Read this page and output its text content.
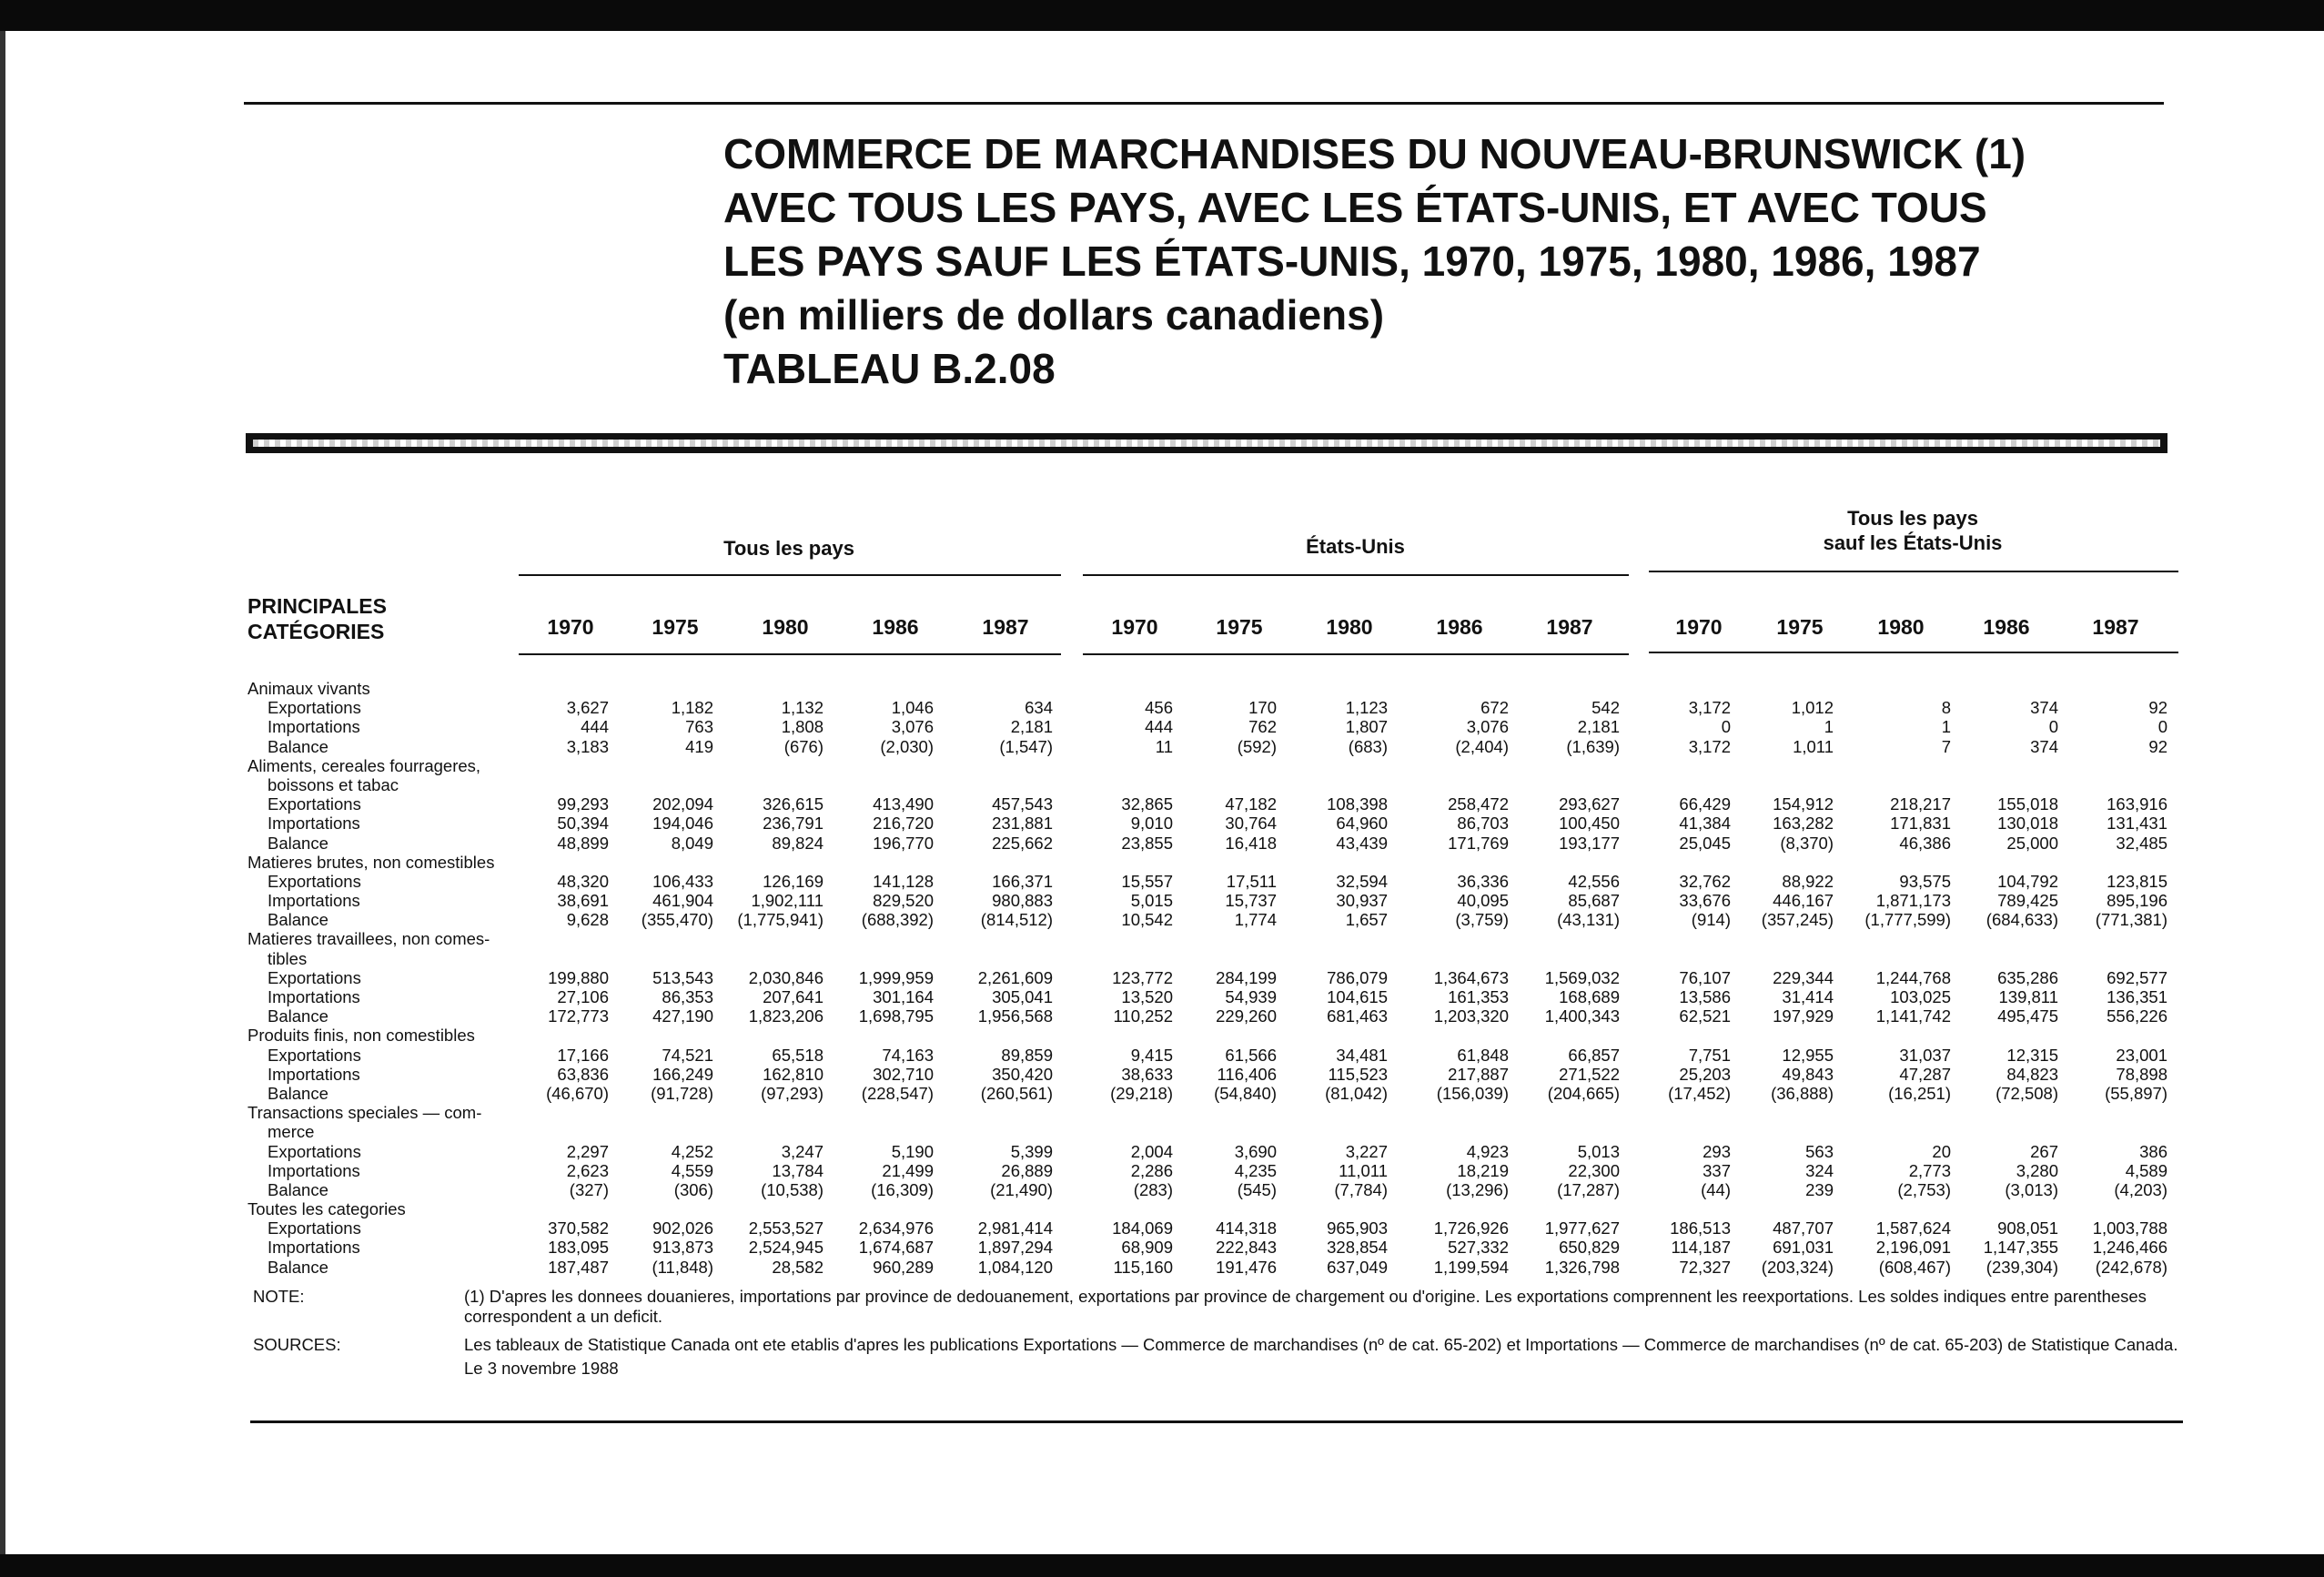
COMMERCE DE MARCHANDISES DU NOUVEAU-BRUNSWICK (1)
AVEC TOUS LES PAYS, AVEC LES ÉTATS-UNIS, ET AVEC TOUS
LES PAYS SAUF LES ÉTATS-UNIS, 1970, 1975, 1980, 1986, 1987
(en milliers de dollars canadiens)
TABLEAU B.2.08
Tous les pays	États-Unis
Tous les pays
sauf les États-Unis
PRINCIPALES
CATÉGORIES	1970	1975	1980	1986	1987	1970	1975	1980	1986	1987	1970	1975	1980	1986	1987
Animaux vivants
Exportations	3,627	1,182	1,132	1,046	634	456	170	1,123	672	542	3,172	1,012	8	374	92
Importations	444	763	1,808	3,076	2,181	444	762	1,807	3,076	2,181	0	1	1	0	0
Balance	3,183	419	(676)	(2,030)	(1,547)	11	(592)	(683)	(2,404)	(1,639)	3,172	1,011	7	374	92
Aliments, cereales fourrageres,
boissons et tabac
Exportations	99,293	202,094	326,615	413,490	457,543	32,865	47,182	108,398	258,472	293,627	66,429	154,912	218,217	155,018	163,916
Importations	50,394	194,046	236,791	216,720	231,881	9,010	30,764	64,960	86,703	100,450	41,384	163,282	171,831	130,018	131,431
Balance	48,899	8,049	89,824	196,770	225,662	23,855	16,418	43,439	171,769	193,177	25,045	(8,370)	46,386	25,000	32,485
Matieres brutes, non comestibles
Exportations	48,320	106,433	126,169	141,128	166,371	15,557	17,511	32,594	36,336	42,556	32,762	88,922	93,575	104,792	123,815
Importations	38,691	461,904	1,902,111	829,520	980,883	5,015	15,737	30,937	40,095	85,687	33,676	446,167	1,871,173	789,425	895,196
Balance	9,628	(355,470)	(1,775,941)	(688,392)	(814,512)	10,542	1,774	1,657	(3,759)	(43,131)	(914)	(357,245)	(1,777,599)	(684,633)	(771,381)
Matieres travaillees, non comes-
tibles
Exportations	199,880	513,543	2,030,846	1,999,959	2,261,609	123,772	284,199	786,079	1,364,673	1,569,032	76,107	229,344	1,244,768	635,286	692,577
Importations	27,106	86,353	207,641	301,164	305,041	13,520	54,939	104,615	161,353	168,689	13,586	31,414	103,025	139,811	136,351
Balance	172,773	427,190	1,823,206	1,698,795	1,956,568	110,252	229,260	681,463	1,203,320	1,400,343	62,521	197,929	1,141,742	495,475	556,226
Produits finis, non comestibles
Exportations	17,166	74,521	65,518	74,163	89,859	9,415	61,566	34,481	61,848	66,857	7,751	12,955	31,037	12,315	23,001
Importations	63,836	166,249	162,810	302,710	350,420	38,633	116,406	115,523	217,887	271,522	25,203	49,843	47,287	84,823	78,898
Balance	(46,670)	(91,728)	(97,293)	(228,547)	(260,561)	(29,218)	(54,840)	(81,042)	(156,039)	(204,665)	(17,452)	(36,888)	(16,251)	(72,508)	(55,897)
Transactions speciales — com-
merce
Exportations	2,297	4,252	3,247	5,190	5,399	2,004	3,690	3,227	4,923	5,013	293	563	20	267	386
Importations	2,623	4,559	13,784	21,499	26,889	2,286	4,235	11,011	18,219	22,300	337	324	2,773	3,280	4,589
Balance	(327)	(306)	(10,538)	(16,309)	(21,490)	(283)	(545)	(7,784)	(13,296)	(17,287)	(44)	239	(2,753)	(3,013)	(4,203)
Toutes les categories
Exportations	370,582	902,026	2,553,527	2,634,976	2,981,414	184,069	414,318	965,903	1,726,926	1,977,627	186,513	487,707	1,587,624	908,051	1,003,788
Importations	183,095	913,873	2,524,945	1,674,687	1,897,294	68,909	222,843	328,854	527,332	650,829	114,187	691,031	2,196,091	1,147,355	1,246,466
Balance	187,487	(11,848)	28,582	960,289	1,084,120	115,160	191,476	637,049	1,199,594	1,326,798	72,327	(203,324)	(608,467)	(239,304)	(242,678)
NOTE:	(1) D'apres les donnees douanieres, importations par province de dedouanement, exportations par province de chargement ou d'origine. Les exportations comprennent les reexportations. Les soldes indiques entre parentheses correspondent a un deficit.
SOURCES:	Les tableaux de Statistique Canada ont ete etablis d'apres les publications Exportations — Commerce de marchandises (nº de cat. 65-202) et Importations — Commerce de marchandises (nº de cat. 65-203) de Statistique Canada.
Le 3 novembre 1988
